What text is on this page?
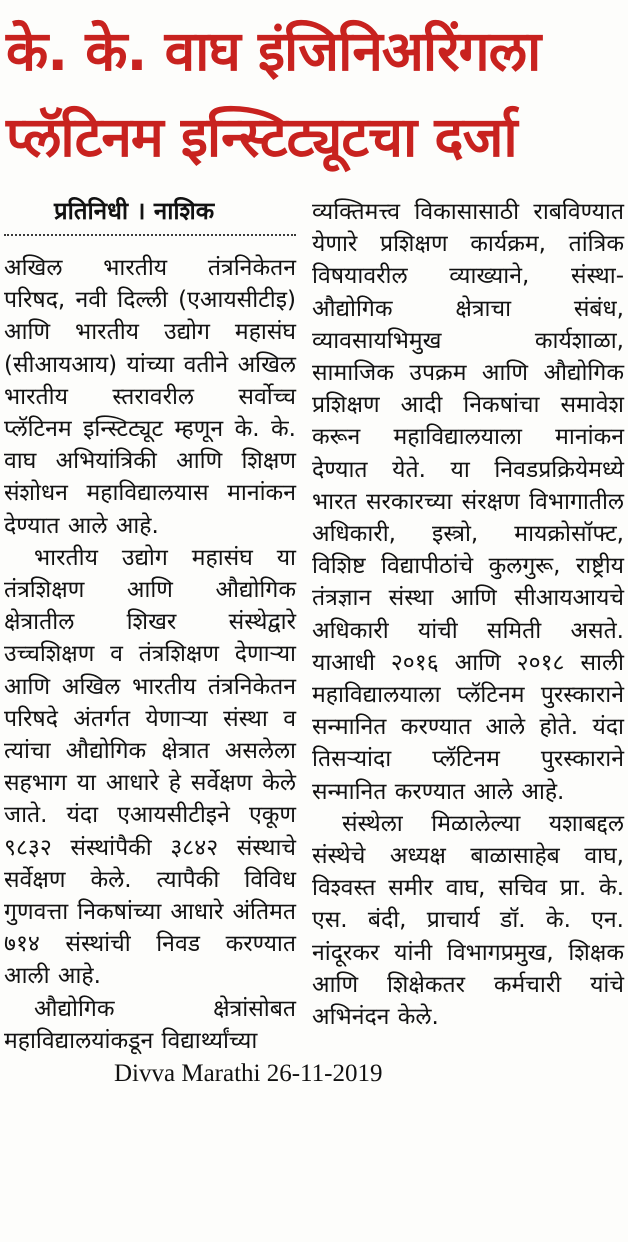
के. के. वाघ इंजिनिअरिंगला
प्लॅटिनम इन्स्टिट्यूटचा दर्जा
प्रतिनिधी । नाशिक

अखिल भारतीय तंत्रनिकेतन परिषद, नवी दिल्ली (एआयसीटीइ) आणि भारतीय उद्योग महासंघ (सीआयआय) यांच्या वतीने अखिल भारतीय स्तरावरील सर्वोच्च प्लॅटिनम इन्स्टिट्यूट म्हणून के. के. वाघ अभियांत्रिकी आणि शिक्षण संशोधन महाविद्यालयास मानांकन देण्यात आले आहे.

भारतीय उद्योग महासंघ या तंत्रशिक्षण आणि औद्योगिक क्षेत्रातील शिखर संस्थेद्वारे उच्चशिक्षण व तंत्रशिक्षण देणाऱ्या आणि अखिल भारतीय तंत्रनिकेतन परिषदे अंतर्गत येणाऱ्या संस्था व त्यांचा औद्योगिक क्षेत्रात असलेला सहभाग या आधारे हे सर्वेक्षण केले जाते. यंदा एआयसीटीइने एकूण ९८३२ संस्थांपैकी ३८४२ संस्थाचे सर्वेक्षण केले. त्यापैकी विविध गुणवत्ता निकषांच्या आधारे अंतिमत ७१४ संस्थांची निवड करण्यात आली आहे.

औद्योगिक क्षेत्रांसोबत महाविद्यालयांकडून विद्यार्थ्यांच्या

व्यक्तिमत्त्व विकासासाठी राबविण्यात येणारे प्रशिक्षण कार्यक्रम, तांत्रिक विषयावरील व्याख्याने, संस्था-औद्योगिक क्षेत्राचा संबंध, व्यावसायभिमुख कार्यशाळा, सामाजिक उपक्रम आणि औद्योगिक प्रशिक्षण आदी निकषांचा समावेश करून महाविद्यालयाला मानांकन देण्यात येते. या निवडप्रक्रियेमध्ये भारत सरकारच्या संरक्षण विभागातील अधिकारी, इस्त्रो, मायक्रोसॉफ्ट, विशिष्ट विद्यापीठांचे कुलगुरू, राष्ट्रीय तंत्रज्ञान संस्था आणि सीआयआयचे अधिकारी यांची समिती असते. याआधी २०१६ आणि २०१८ साली महाविद्यालयाला प्लॅटिनम पुरस्काराने सन्मानित करण्यात आले होते. यंदा तिसऱ्यांदा प्लॅटिनम पुरस्काराने सन्मानित करण्यात आले आहे.

संस्थेला मिळालेल्या यशाबद्दल संस्थेचे अध्यक्ष बाळासाहेब वाघ, विश्वस्त समीर वाघ, सचिव प्रा. के. एस. बंदी, प्राचार्य डॉ. के. एन. नांदूरकर यांनी विभागप्रमुख, शिक्षक आणि शिक्षेकतर कर्मचारी यांचे अभिनंदन केले.

Divva Marathi 26-11-2019
